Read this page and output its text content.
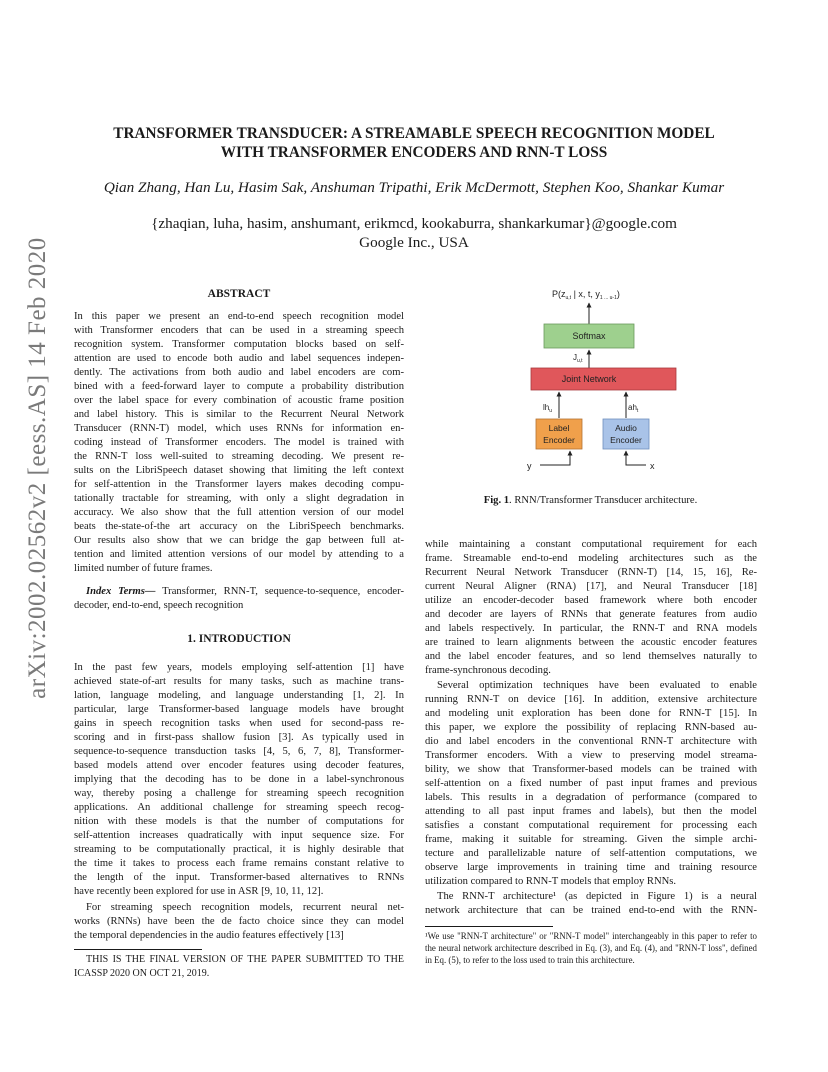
arXiv:2002.02562v2 [eess.AS] 14 Feb 2020
TRANSFORMER TRANSDUCER: A STREAMABLE SPEECH RECOGNITION MODEL
WITH TRANSFORMER ENCODERS AND RNN-T LOSS
Qian Zhang, Han Lu, Hasim Sak, Anshuman Tripathi, Erik McDermott, Stephen Koo, Shankar Kumar
{zhaqian, luha, hasim, anshumant, erikmcd, kookaburra, shankarkumar}@google.com
Google Inc., USA
ABSTRACT
In this paper we present an end-to-end speech recognition model
with Transformer encoders that can be used in a streaming speech
recognition system. Transformer computation blocks based on self-
attention are used to encode both audio and label sequences indepen-
dently. The activations from both audio and label encoders are com-
bined with a feed-forward layer to compute a probability distribution
over the label space for every combination of acoustic frame position
and label history. This is similar to the Recurrent Neural Network
Transducer (RNN-T) model, which uses RNNs for information en-
coding instead of Transformer encoders. The model is trained with
the RNN-T loss well-suited to streaming decoding. We present re-
sults on the LibriSpeech dataset showing that limiting the left context
for self-attention in the Transformer layers makes decoding compu-
tationally tractable for streaming, with only a slight degradation in
accuracy. We also show that the full attention version of our model
beats the-state-of-the art accuracy on the LibriSpeech benchmarks.
Our results also show that we can bridge the gap between full at-
tention and limited attention versions of our model by attending to a
limited number of future frames.

Index Terms— Transformer, RNN-T, sequence-to-sequence, encoder-decoder, end-to-end, speech recognition

1. INTRODUCTION
In the past few years, models employing self-attention [1] have
achieved state-of-art results for many tasks, such as machine trans-
lation, language modeling, and language understanding [1, 2]. In
particular, large Transformer-based language models have brought
gains in speech recognition tasks when used for second-pass re-
scoring and in first-pass shallow fusion [3]. As typically used in
sequence-to-sequence transduction tasks [4, 5, 6, 7, 8], Transformer-
based models attend over encoder features using decoder features,
implying that the decoding has to be done in a label-synchronous
way, thereby posing a challenge for streaming speech recognition
applications. An additional challenge for streaming speech recog-
nition with these models is that the number of computations for
self-attention increases quadratically with input sequence size. For
streaming to be computationally practical, it is highly desirable that
the time it takes to process each frame remains constant relative to
the length of the input. Transformer-based alternatives to RNNs
have recently been explored for use in ASR [9, 10, 11, 12].
For streaming speech recognition models, recurrent neural net-
works (RNNs) have been the de facto choice since they can model
the temporal dependencies in the audio features effectively [13]

THIS IS THE FINAL VERSION OF THE PAPER SUBMITTED TO THE ICASSP 2020 ON OCT 21, 2019.

$P(z_{u,t}$ | x, t, $y_{1 ... u-1}$)
Softmax
$J_{u,t}$
Joint Network
$lh_u$	$ah_t$
Label
Encoder
Audio
Encoder
y	x
Fig. 1. RNN/Transformer Transducer architecture.
while maintaining a constant computational requirement for each
frame. Streamable end-to-end modeling architectures such as the
Recurrent Neural Network Transducer (RNN-T) [14, 15, 16], Re-
current Neural Aligner (RNA) [17], and Neural Transducer [18]
utilize an encoder-decoder based framework where both encoder
and decoder are layers of RNNs that generate features from audio
and labels respectively. In particular, the RNN-T and RNA models
are trained to learn alignments between the acoustic encoder features
and the label encoder features, and so lend themselves naturally to
frame-synchronous decoding.
Several optimization techniques have been evaluated to enable
running RNN-T on device [16]. In addition, extensive architecture
and modeling unit exploration has been done for RNN-T [15]. In
this paper, we explore the possibility of replacing RNN-based au-
dio and label encoders in the conventional RNN-T architecture with
Transformer encoders. With a view to preserving model streama-
bility, we show that Transformer-based models can be trained with
self-attention on a fixed number of past input frames and previous
labels. This results in a degradation of performance (compared to
attending to all past input frames and labels), but then the model
satisfies a constant computational requirement for processing each
frame, making it suitable for streaming. Given the simple archi-
tecture and parallelizable nature of self-attention computations, we
observe large improvements in training time and training resource
utilization compared to RNN-T models that employ RNNs.
The RNN-T architecture¹ (as depicted in Figure 1) is a neural
network architecture that can be trained end-to-end with the RNN-
¹We use "RNN-T architecture" or "RNN-T model" interchangeably in this paper to refer to the neural network architecture described in Eq. (3), and Eq. (4), and "RNN-T loss", defined in Eq. (5), to refer to the loss used to train this architecture.
